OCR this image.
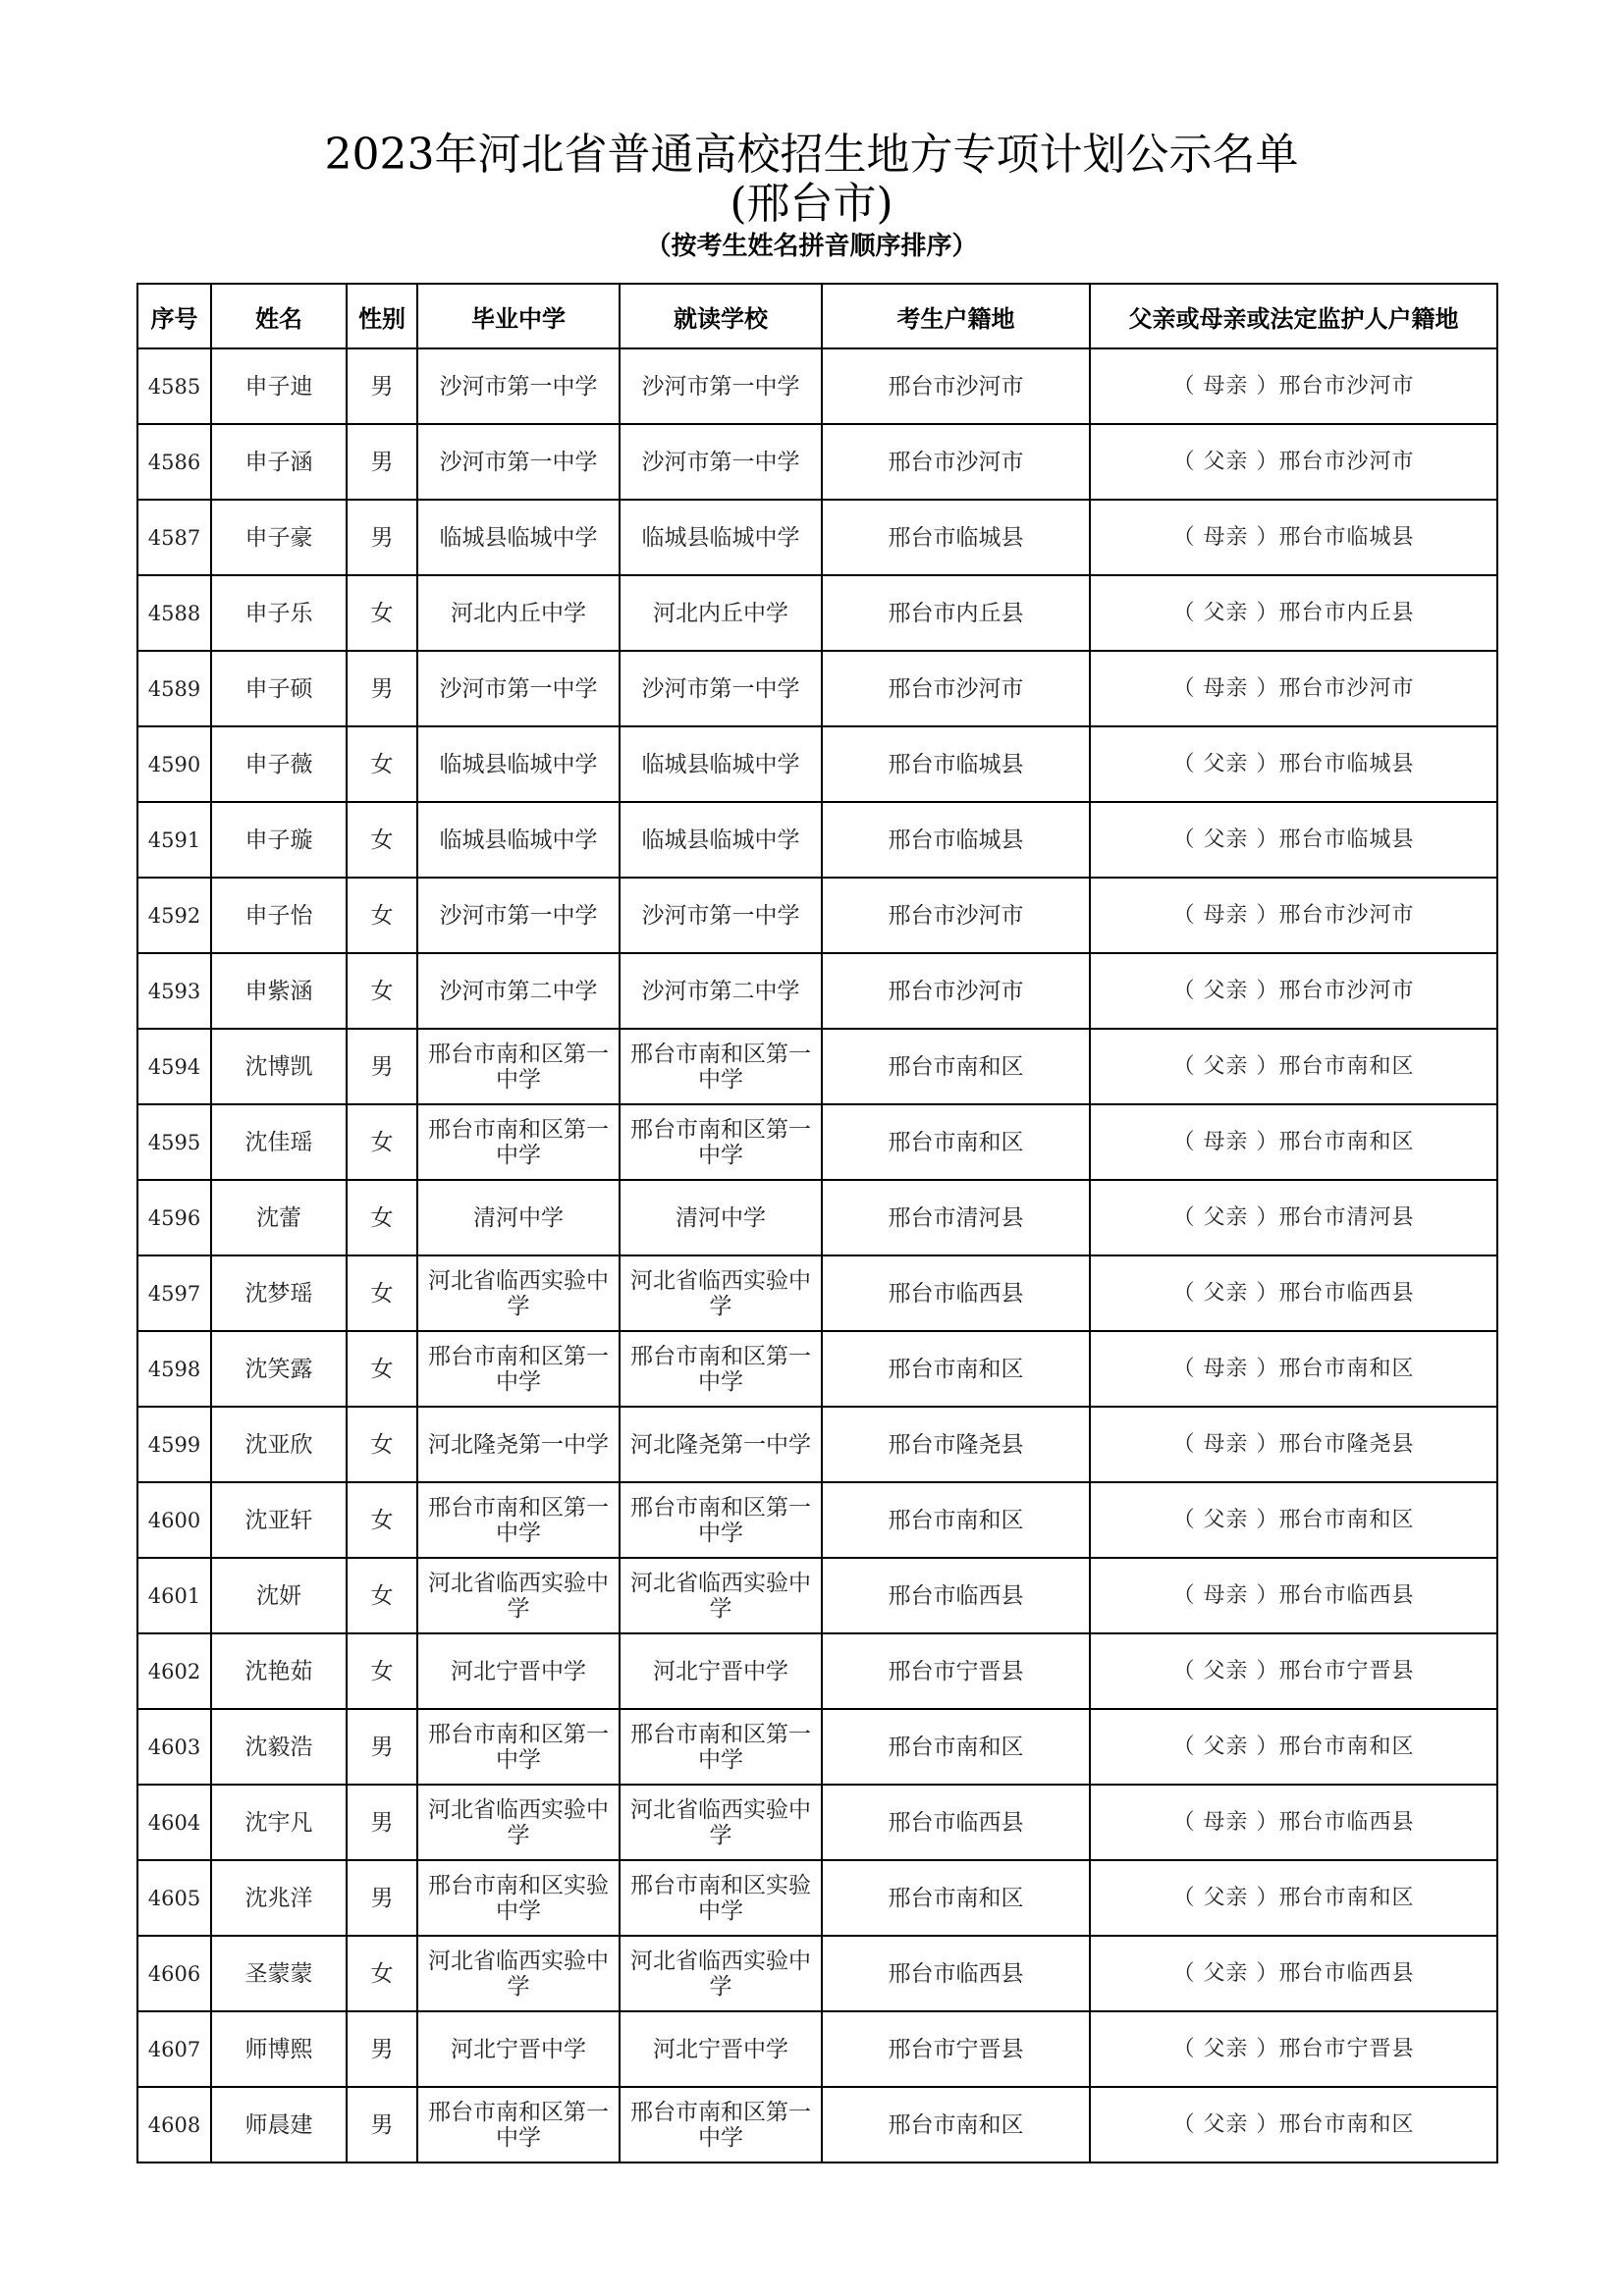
2023年河北省普通高校招生地方专项计划公示名单
(邢台市)
（按考生姓名拼音顺序排序）
序号	姓名	性别	毕业中学	就读学校	考生户籍地	父亲或母亲或法定监护人户籍地
4585	申子迪	男	沙河市第一中学	沙河市第一中学	邢台市沙河市	（ 母亲 ）邢台市沙河市
4586	申子涵	男	沙河市第一中学	沙河市第一中学	邢台市沙河市	（ 父亲 ）邢台市沙河市
4587	申子豪	男	临城县临城中学	临城县临城中学	邢台市临城县	（ 母亲 ）邢台市临城县
4588	申子乐	女	河北内丘中学	河北内丘中学	邢台市内丘县	（ 父亲 ）邢台市内丘县
4589	申子硕	男	沙河市第一中学	沙河市第一中学	邢台市沙河市	（ 母亲 ）邢台市沙河市
4590	申子薇	女	临城县临城中学	临城县临城中学	邢台市临城县	（ 父亲 ）邢台市临城县
4591	申子璇	女	临城县临城中学	临城县临城中学	邢台市临城县	（ 父亲 ）邢台市临城县
4592	申子怡	女	沙河市第一中学	沙河市第一中学	邢台市沙河市	（ 母亲 ）邢台市沙河市
4593	申紫涵	女	沙河市第二中学	沙河市第二中学	邢台市沙河市	（ 父亲 ）邢台市沙河市
4594	沈博凯	男	邢台市南和区第一中学	邢台市南和区第一中学	邢台市南和区	（ 父亲 ）邢台市南和区
4595	沈佳瑶	女	邢台市南和区第一中学	邢台市南和区第一中学	邢台市南和区	（ 母亲 ）邢台市南和区
4596	沈蕾	女	清河中学	清河中学	邢台市清河县	（ 父亲 ）邢台市清河县
4597	沈梦瑶	女	河北省临西实验中学	河北省临西实验中学	邢台市临西县	（ 父亲 ）邢台市临西县
4598	沈笑露	女	邢台市南和区第一中学	邢台市南和区第一中学	邢台市南和区	（ 母亲 ）邢台市南和区
4599	沈亚欣	女	河北隆尧第一中学	河北隆尧第一中学	邢台市隆尧县	（ 母亲 ）邢台市隆尧县
4600	沈亚轩	女	邢台市南和区第一中学	邢台市南和区第一中学	邢台市南和区	（ 父亲 ）邢台市南和区
4601	沈妍	女	河北省临西实验中学	河北省临西实验中学	邢台市临西县	（ 母亲 ）邢台市临西县
4602	沈艳茹	女	河北宁晋中学	河北宁晋中学	邢台市宁晋县	（ 父亲 ）邢台市宁晋县
4603	沈毅浩	男	邢台市南和区第一中学	邢台市南和区第一中学	邢台市南和区	（ 父亲 ）邢台市南和区
4604	沈宇凡	男	河北省临西实验中学	河北省临西实验中学	邢台市临西县	（ 母亲 ）邢台市临西县
4605	沈兆洋	男	邢台市南和区实验中学	邢台市南和区实验中学	邢台市南和区	（ 父亲 ）邢台市南和区
4606	圣蒙蒙	女	河北省临西实验中学	河北省临西实验中学	邢台市临西县	（ 父亲 ）邢台市临西县
4607	师博熙	男	河北宁晋中学	河北宁晋中学	邢台市宁晋县	（ 父亲 ）邢台市宁晋县
4608	师晨建	男	邢台市南和区第一中学	邢台市南和区第一中学	邢台市南和区	（ 父亲 ）邢台市南和区
